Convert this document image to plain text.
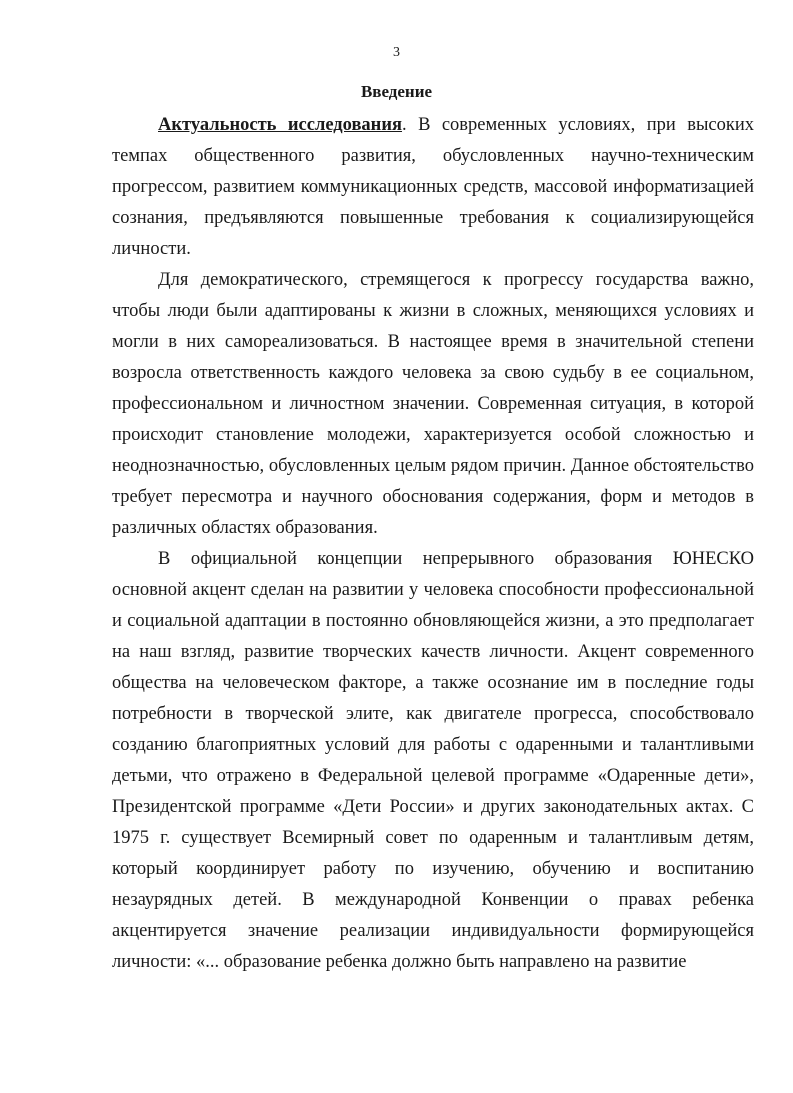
3
Введение

Актуальность исследования. В современных условиях, при высоких темпах общественного развития, обусловленных научно-техническим прогрессом, развитием коммуникационных средств, массовой информатизацией сознания, предъявляются повышенные требования к социализирующейся личности.

Для демократического, стремящегося к прогрессу государства важно, чтобы люди были адаптированы к жизни в сложных, меняющихся условиях и могли в них самореализоваться. В настоящее время в значительной степени возросла ответственность каждого человека за свою судьбу в ее социальном, профессиональном и личностном значении. Современная ситуация, в которой происходит становление молодежи, характеризуется особой сложностью и неоднозначностью, обусловленных целым рядом причин. Данное обстоятельство требует пересмотра и научного обоснования содержания, форм и методов в различных областях образования.

В официальной концепции непрерывного образования ЮНЕСКО основной акцент сделан на развитии у человека способности профессиональной и социальной адаптации в постоянно обновляющейся жизни, а это предполагает на наш взгляд, развитие творческих качеств личности. Акцент современного общества на человеческом факторе, а также осознание им в последние годы потребности в творческой элите, как двигателе прогресса, способствовало созданию благоприятных условий для работы с одаренными и талантливыми детьми, что отражено в Федеральной целевой программе «Одаренные дети», Президентской программе «Дети России» и других законодательных актах. С 1975 г. существует Всемирный совет по одаренным и талантливым детям, который координирует работу по изучению, обучению и воспитанию незаурядных детей. В международной Конвенции о правах ребенка акцентируется значение реализации индивидуальности формирующейся личности: «... образование ребенка должно быть направлено на развитие
